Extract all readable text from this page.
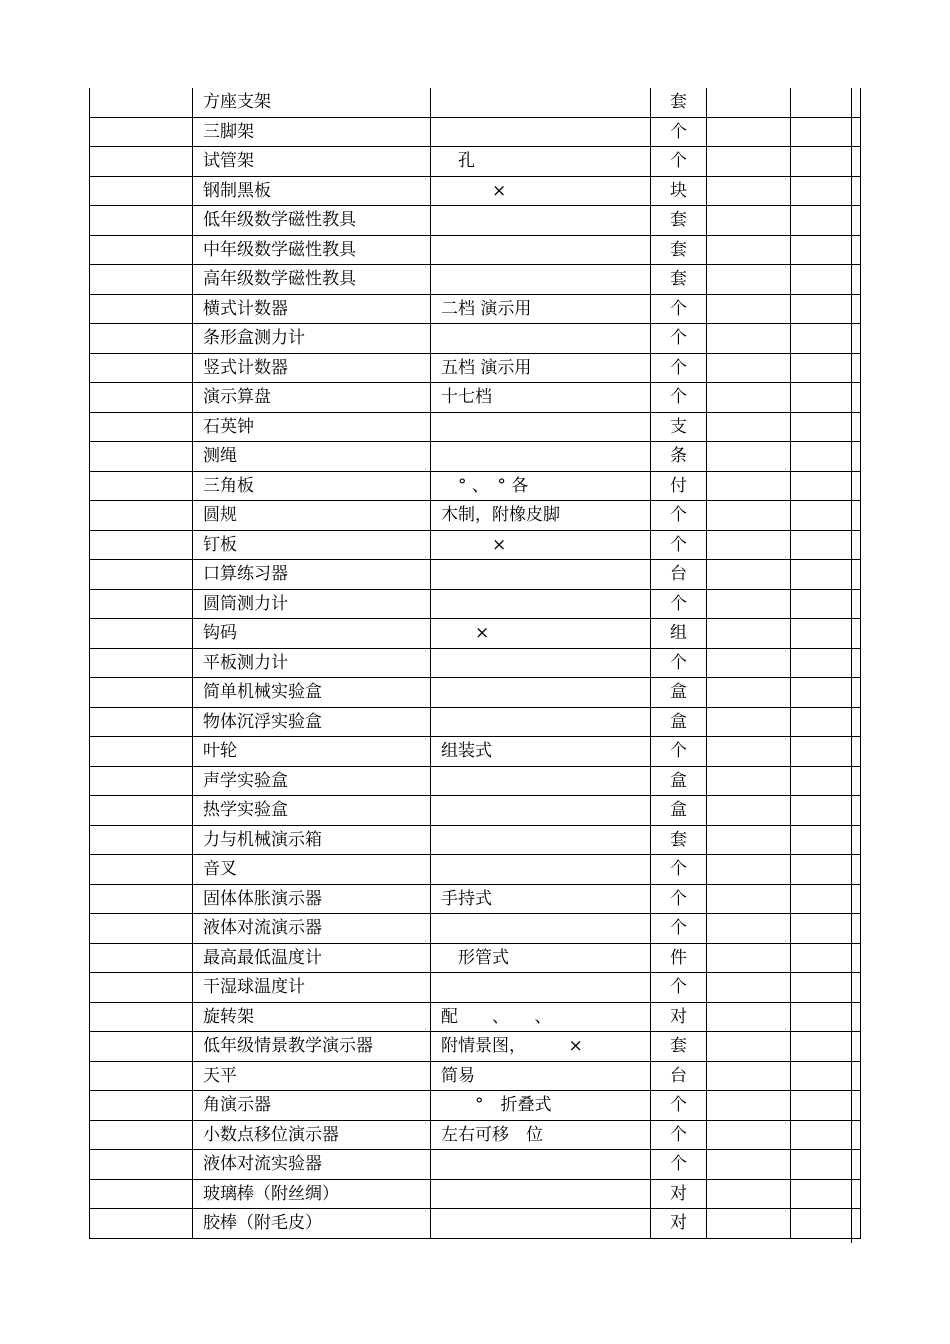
	方座支架		套		
	三脚架		个		
	试管架	　孔	个		
	钢制黑板	　　　×	块		
	低年级数学磁性教具		套		
	中年级数学磁性教具		套		
	高年级数学磁性教具		套		
	横式计数器	二档 演示用	个		
	条形盒测力计		个		
	竖式计数器	五档 演示用	个		
	演示算盘	十七档	个		
	石英钟		支		
	测绳		条		
	三角板	　° 、　° 各	付		
	圆规	木制，附橡皮脚	个		
	钉板	　　　×	个		
	口算练习器		台		
	圆筒测力计		个		
	钩码	　　×	组		
	平板测力计		个		
	简单机械实验盒		盒		
	物体沉浮实验盒		盒		
	叶轮	组装式	个		
	声学实验盒		盒		
	热学实验盒		盒		
	力与机械演示箱		套		
	音叉		个		
	固体体胀演示器	手持式	个		
	液体对流演示器		个		
	最高最低温度计	　形管式	件		
	干湿球温度计		个		
	旋转架	配　　、　　、	对		
	低年级情景教学演示器	附情景图，　　　×	套		
	天平	简易	台		
	角演示器	　　°　折叠式	个		
	小数点移位演示器	左右可移　位	个		
	液体对流实验器		个		
	玻璃棒（附丝绸）		对		
	胶棒（附毛皮）		对		
